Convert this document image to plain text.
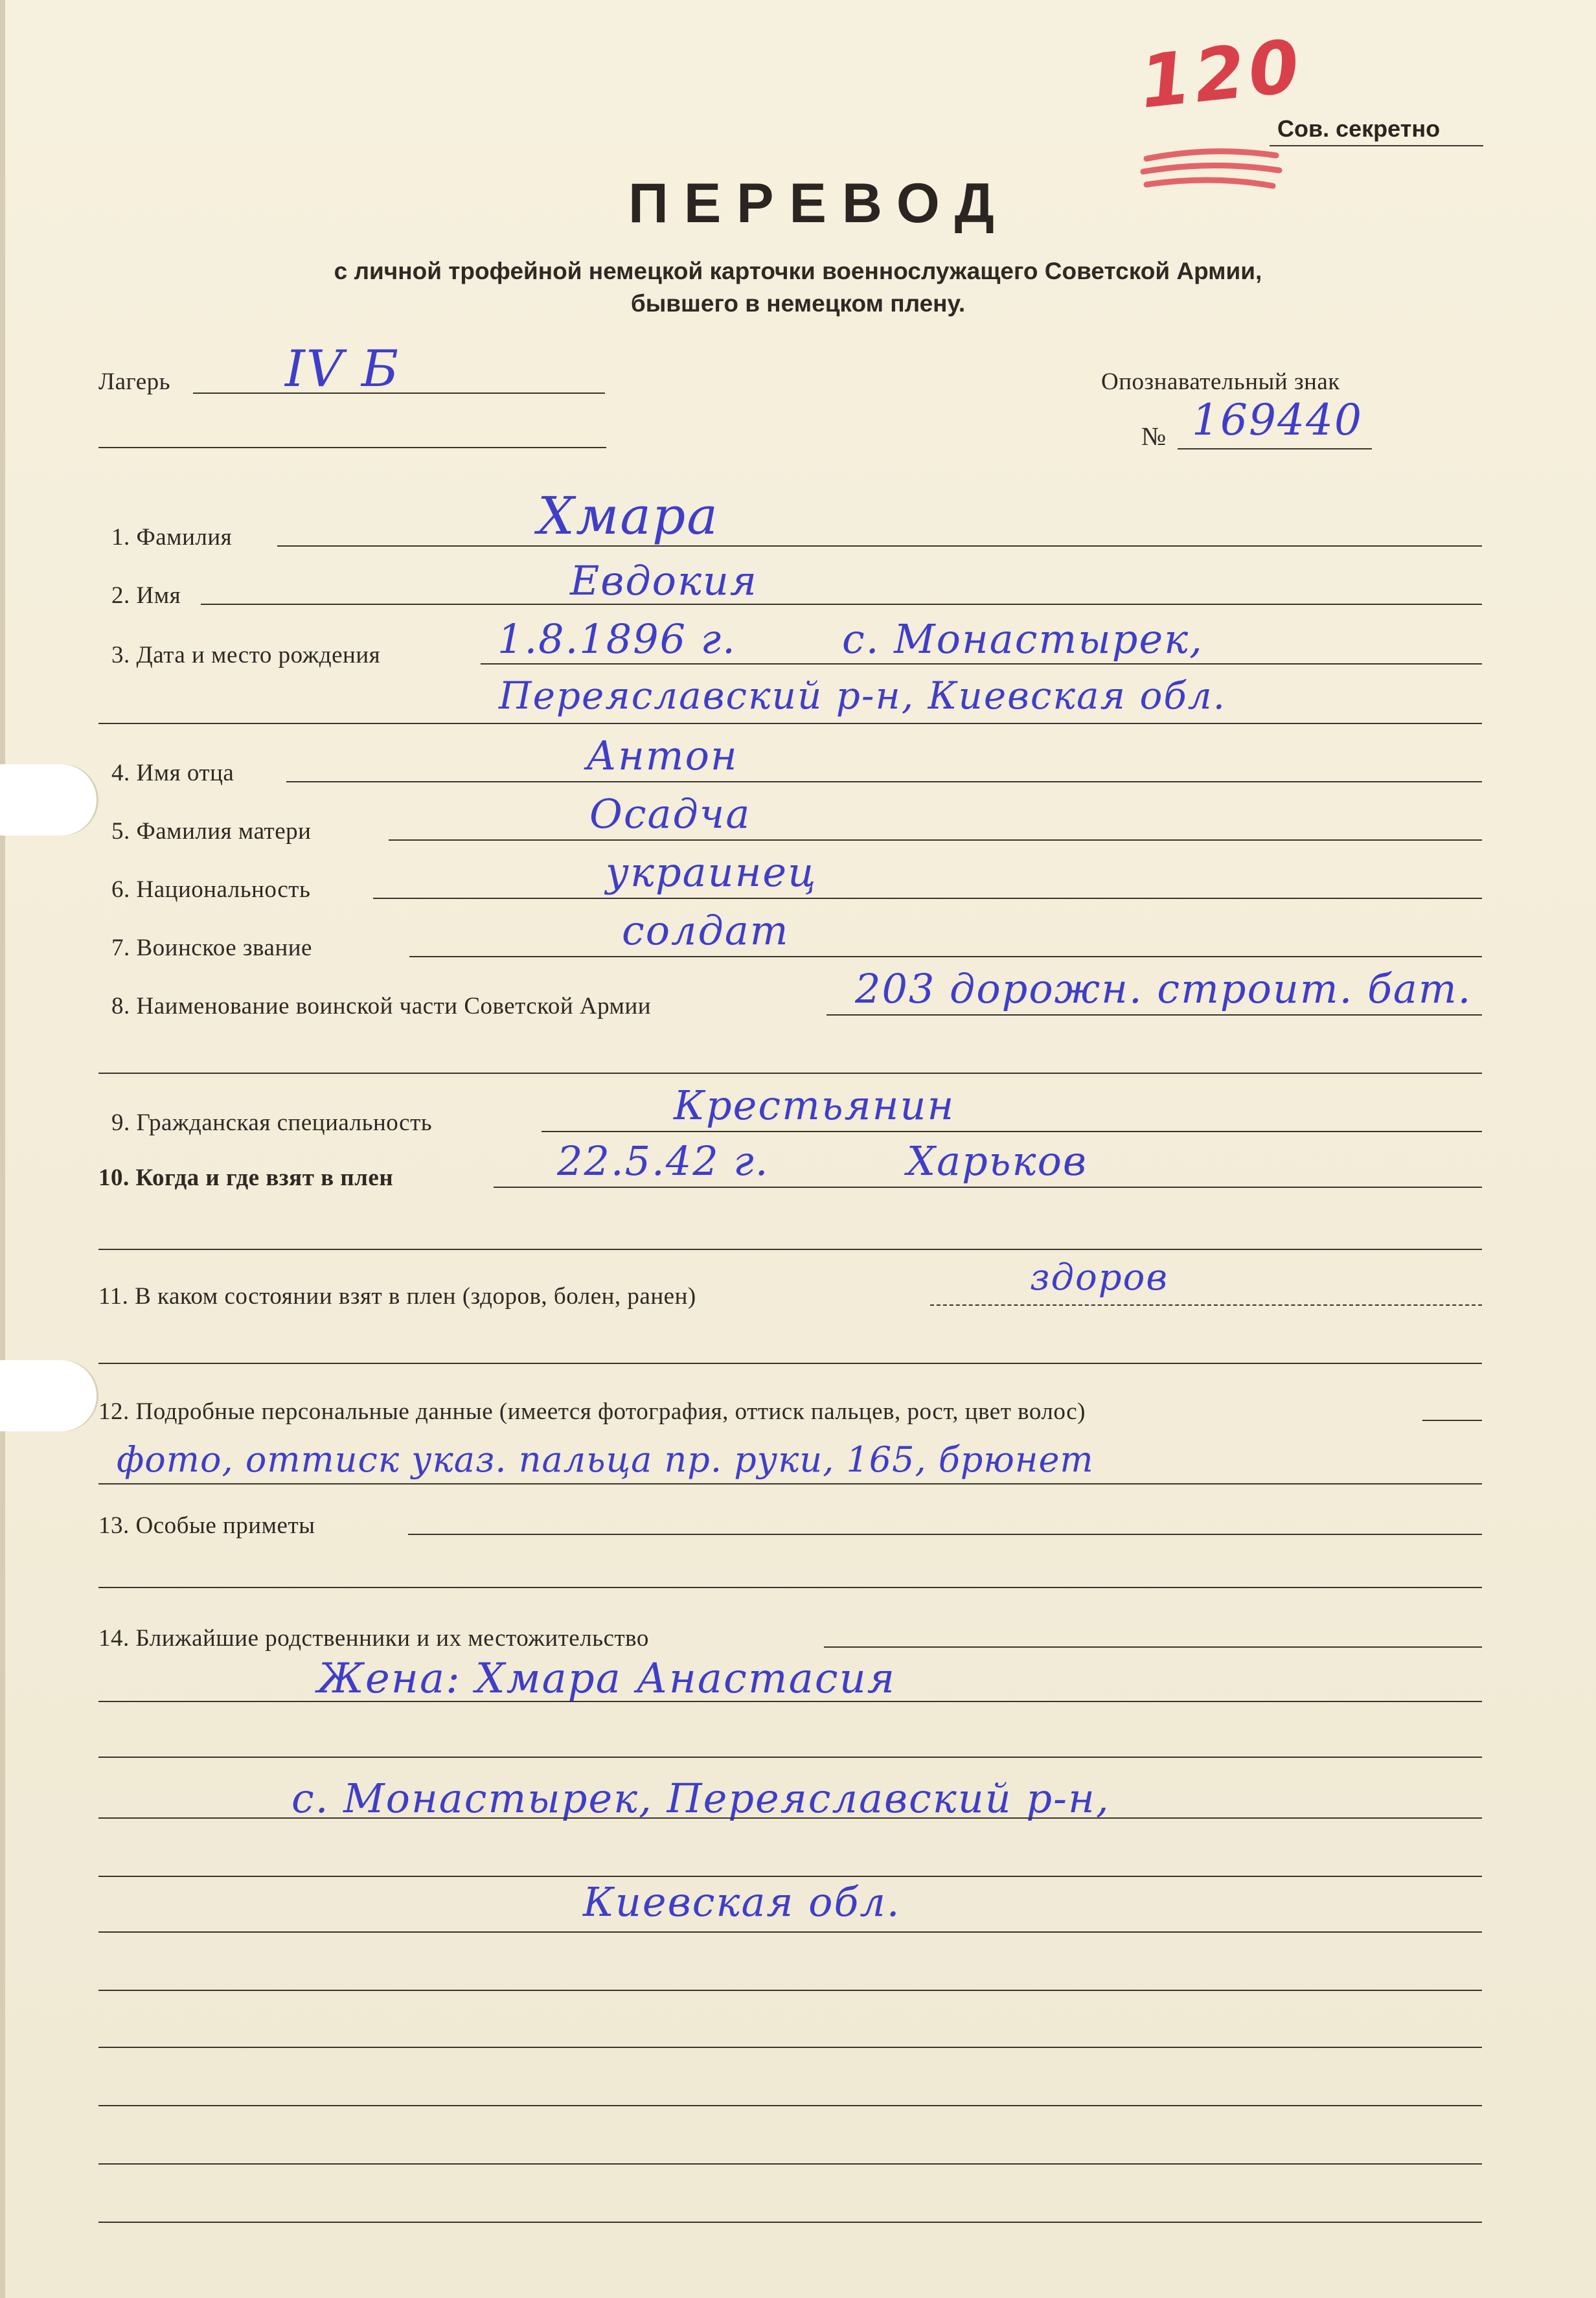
120
Сов. секретно
ПЕРЕВОД
с личной трофейной немецкой карточки военнослужащего Советской Армии,
бывшего в немецком плену.
Лагерь IV Б	Опознавательный знак
№ 169440
1. Фамилия	Хмара
2. Имя	Евдокия
3. Дата и место рождения	1.8.1896 г.	с. Монастырек,
Переяславский р-н, Киевская обл.
4. Имя отца	Антон
5. Фамилия матери	Осадча
6. Национальность	украинец
7. Воинское звание	солдат
8. Наименование воинской части Советской Армии	203 дорожн. строит. бат.
9. Гражданская специальность	Крестьянин
10. Когда и где взят в плен	22.5.42 г.	Харьков
11. В каком состоянии взят в плен (здоров, болен, ранен)	здоров
12. Подробные персональные данные (имеется фотография, оттиск пальцев, рост, цвет волос)
фото, оттиск указ. пальца пр. руки, 165, брюнет
13. Особые приметы
14. Ближайшие родственники и их местожительство
Жена: Хмара Анастасия
с. Монастырек, Переяславский р-н,
Киевская обл.
